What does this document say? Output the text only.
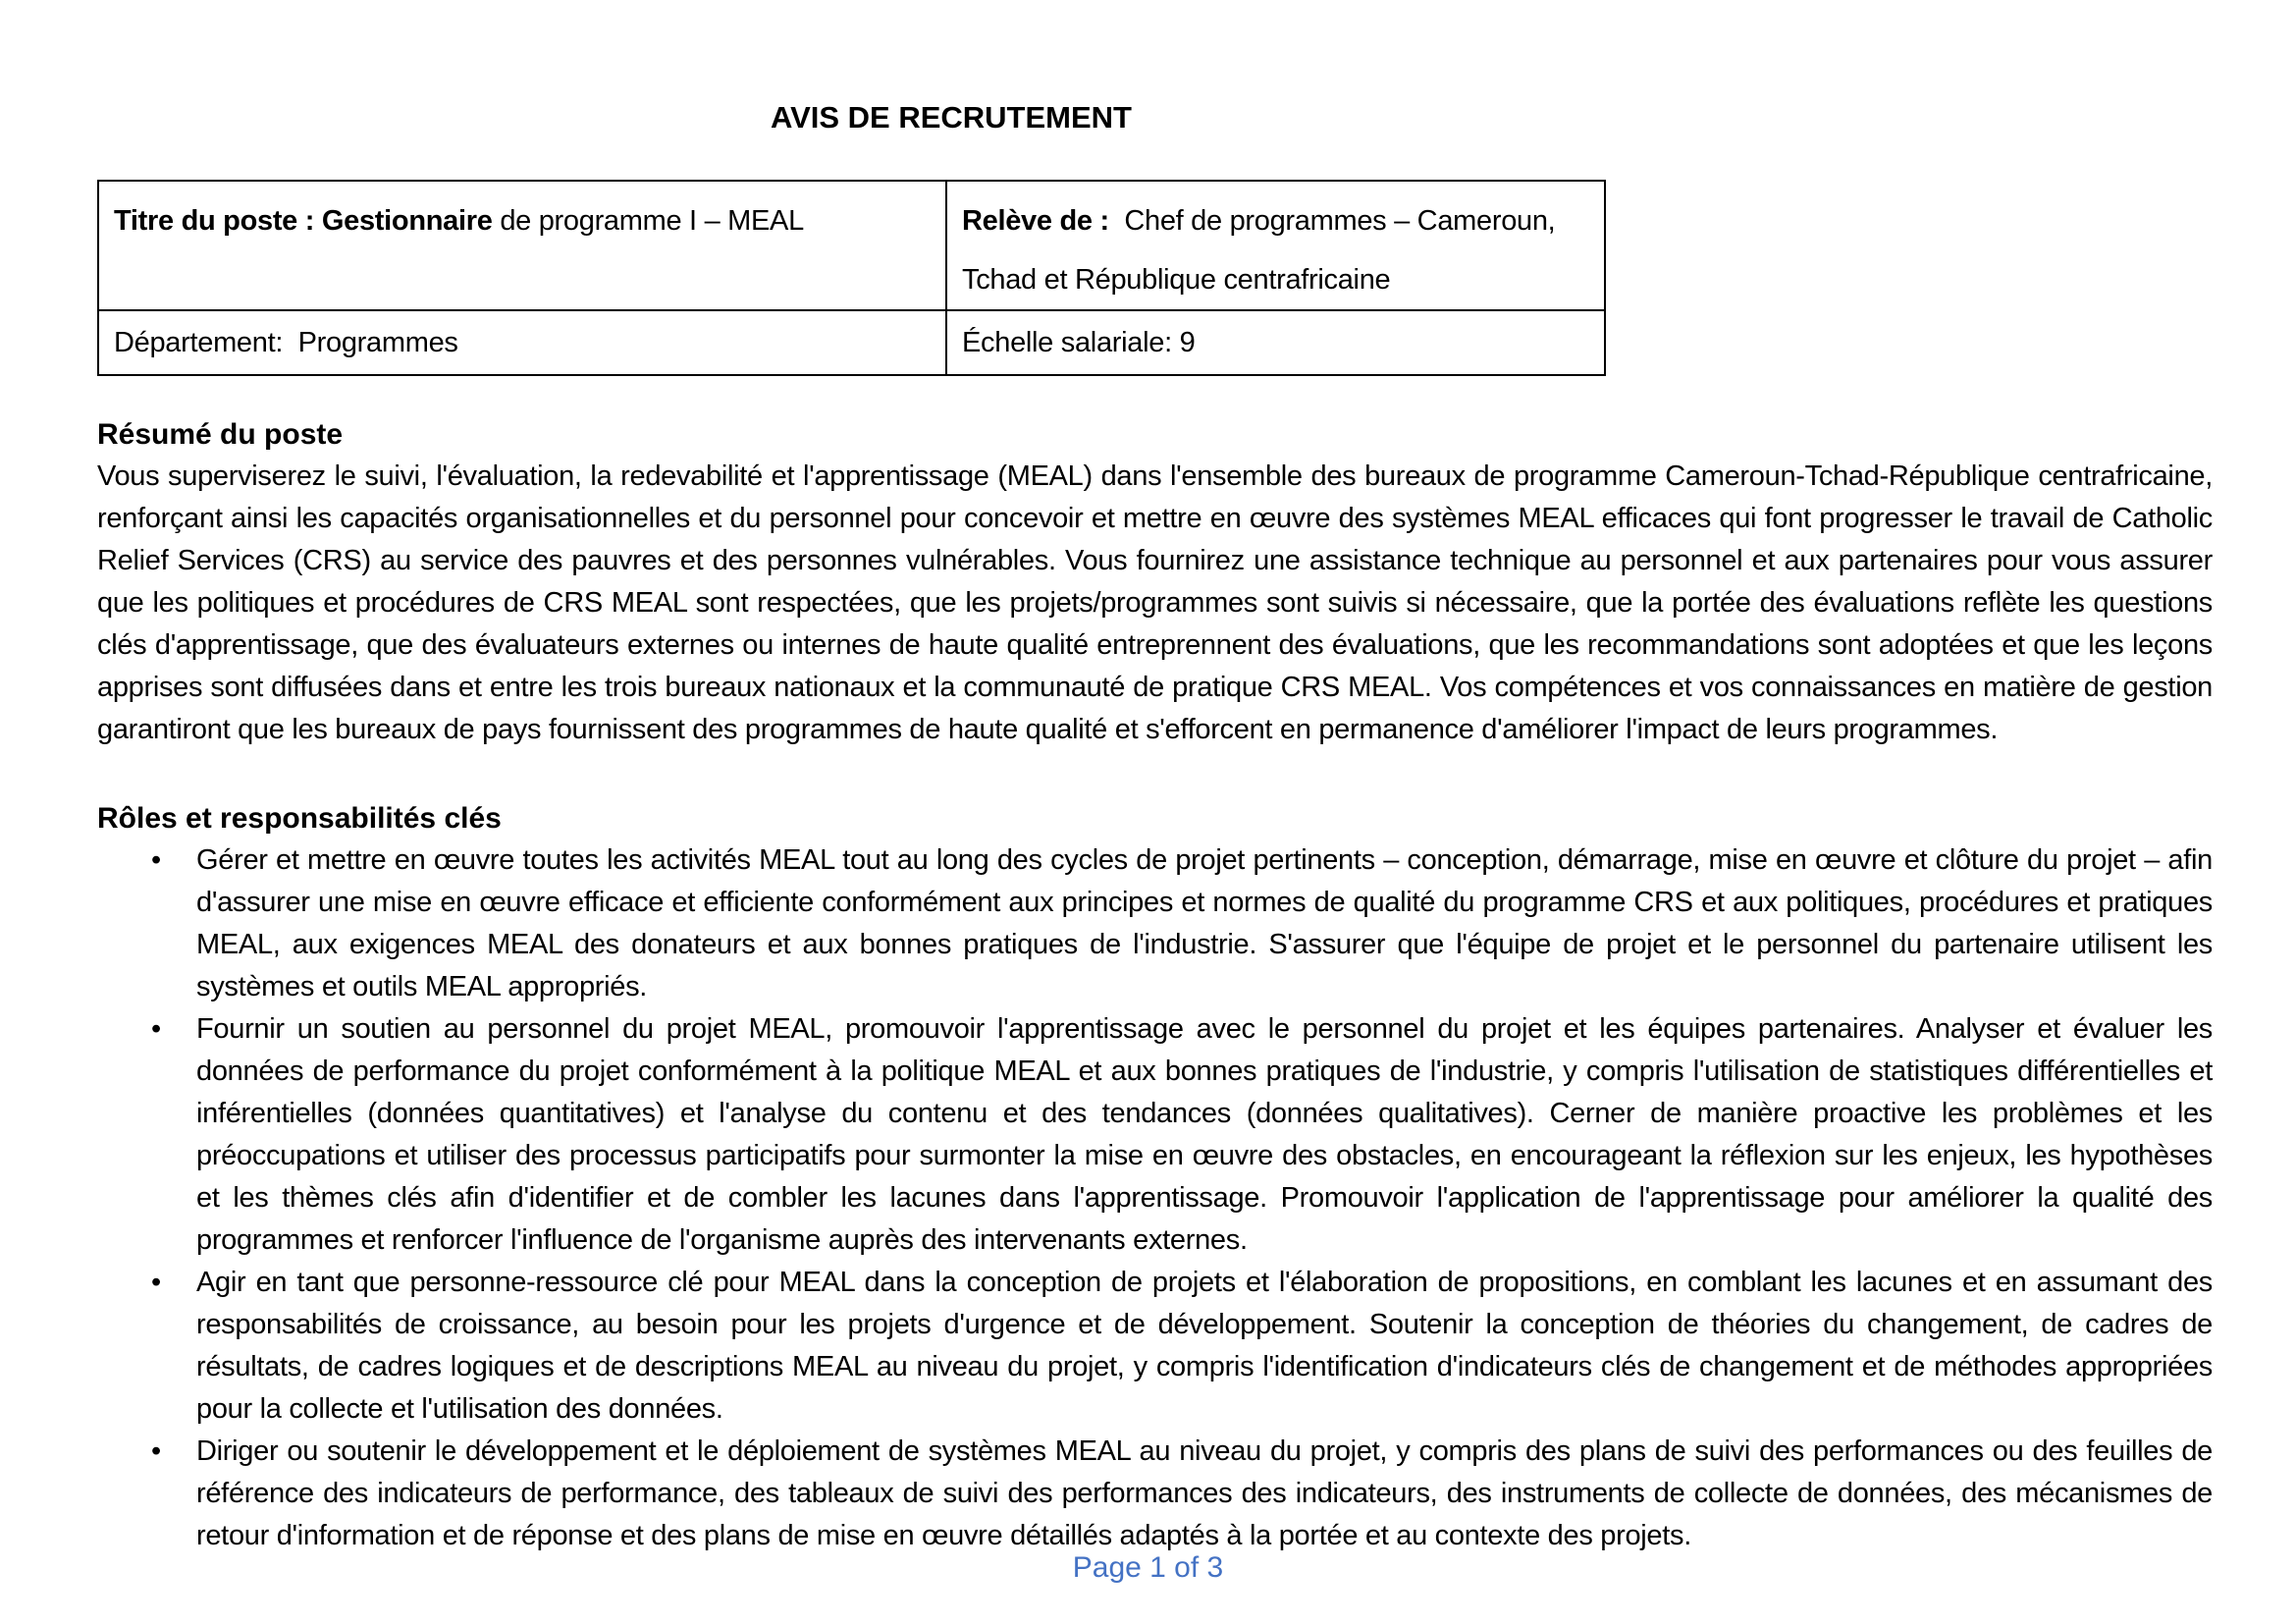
AVIS DE RECRUTEMENT
Titre du poste : Gestionnaire de programme I – MEAL	Relève de :  Chef de programmes – Cameroun, Tchad et République centrafricaine
Département:  Programmes	Échelle salariale: 9
Résumé du poste
Vous superviserez le suivi, l'évaluation, la redevabilité et l'apprentissage (MEAL) dans l'ensemble des bureaux de programme Cameroun-Tchad-République centrafricaine, renforçant ainsi les capacités organisationnelles et du personnel pour concevoir et mettre en œuvre des systèmes MEAL efficaces qui font progresser le travail de Catholic Relief Services (CRS) au service des pauvres et des personnes vulnérables. Vous fournirez une assistance technique au personnel et aux partenaires pour vous assurer que les politiques et procédures de CRS MEAL sont respectées, que les projets/programmes sont suivis si nécessaire, que la portée des évaluations reflète les questions clés d'apprentissage, que des évaluateurs externes ou internes de haute qualité entreprennent des évaluations, que les recommandations sont adoptées et que les leçons apprises sont diffusées dans et entre les trois bureaux nationaux et la communauté de pratique CRS MEAL. Vos compétences et vos connaissances en matière de gestion garantiront que les bureaux de pays fournissent des programmes de haute qualité et s'efforcent en permanence d'améliorer l'impact de leurs programmes.
Rôles et responsabilités clés
• Gérer et mettre en œuvre toutes les activités MEAL tout au long des cycles de projet pertinents – conception, démarrage, mise en œuvre et clôture du projet – afin d'assurer une mise en œuvre efficace et efficiente conformément aux principes et normes de qualité du programme CRS et aux politiques, procédures et pratiques MEAL, aux exigences MEAL des donateurs et aux bonnes pratiques de l'industrie. S'assurer que l'équipe de projet et le personnel du partenaire utilisent les systèmes et outils MEAL appropriés.
• Fournir un soutien au personnel du projet MEAL, promouvoir l'apprentissage avec le personnel du projet et les équipes partenaires. Analyser et évaluer les données de performance du projet conformément à la politique MEAL et aux bonnes pratiques de l'industrie, y compris l'utilisation de statistiques différentielles et inférentielles (données quantitatives) et l'analyse du contenu et des tendances (données qualitatives). Cerner de manière proactive les problèmes et les préoccupations et utiliser des processus participatifs pour surmonter la mise en œuvre des obstacles, en encourageant la réflexion sur les enjeux, les hypothèses et les thèmes clés afin d'identifier et de combler les lacunes dans l'apprentissage. Promouvoir l'application de l'apprentissage pour améliorer la qualité des programmes et renforcer l'influence de l'organisme auprès des intervenants externes.
• Agir en tant que personne-ressource clé pour MEAL dans la conception de projets et l'élaboration de propositions, en comblant les lacunes et en assumant des responsabilités de croissance, au besoin pour les projets d'urgence et de développement. Soutenir la conception de théories du changement, de cadres de résultats, de cadres logiques et de descriptions MEAL au niveau du projet, y compris l'identification d'indicateurs clés de changement et de méthodes appropriées pour la collecte et l'utilisation des données.
• Diriger ou soutenir le développement et le déploiement de systèmes MEAL au niveau du projet, y compris des plans de suivi des performances ou des feuilles de référence des indicateurs de performance, des tableaux de suivi des performances des indicateurs, des instruments de collecte de données, des mécanismes de retour d'information et de réponse et des plans de mise en œuvre détaillés adaptés à la portée et au contexte des projets.
Page 1 of 3
